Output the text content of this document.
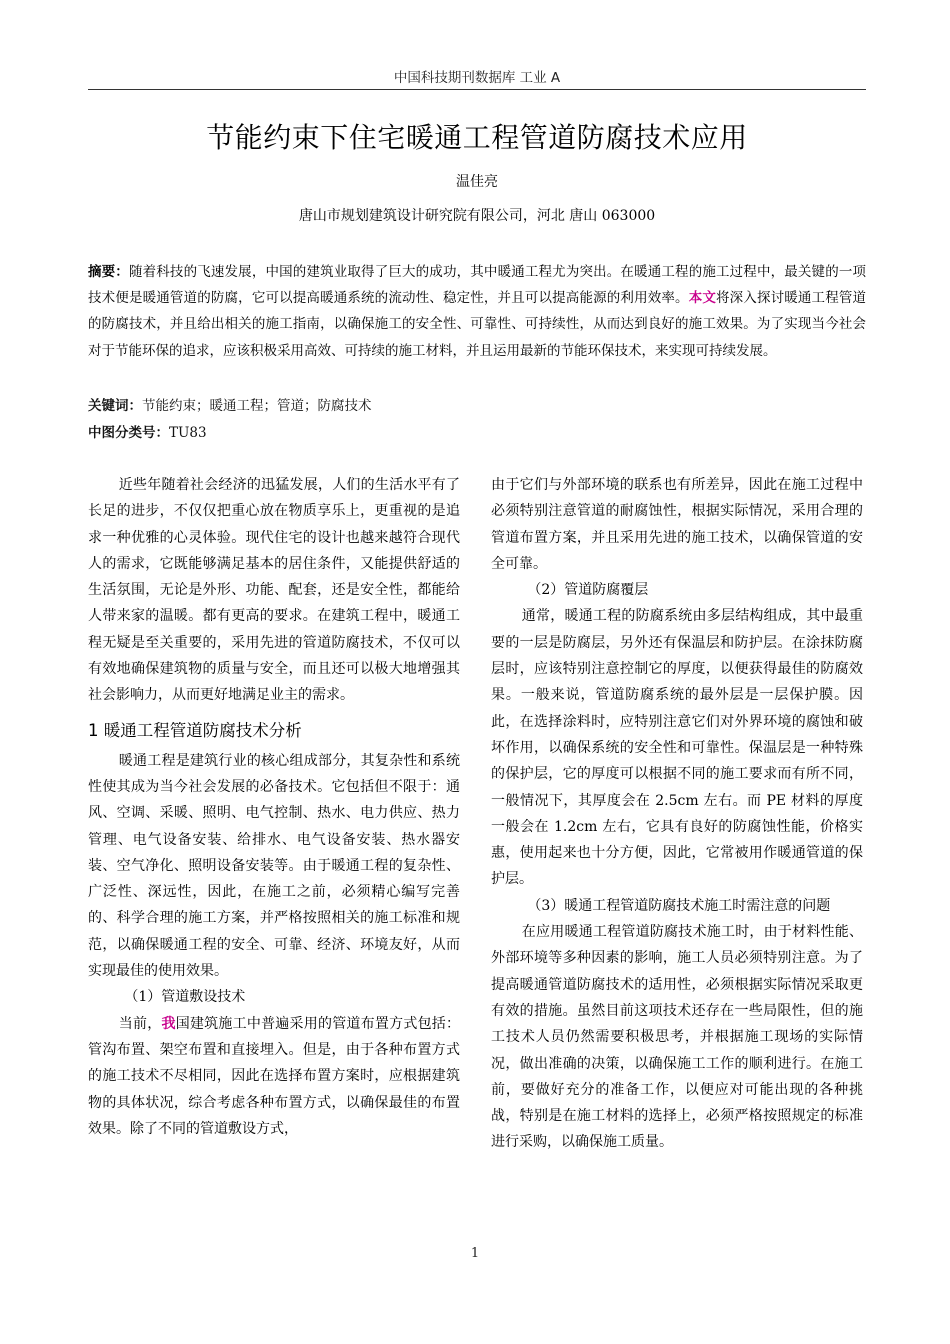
中国科技期刊数据库 工业 A
节能约束下住宅暖通工程管道防腐技术应用
温佳亮
唐山市规划建筑设计研究院有限公司，河北 唐山 063000

摘要：随着科技的飞速发展，中国的建筑业取得了巨大的成功，其中暖通工程尤为突出。在暖通工程的施工过程中，最关键的一项技术便是暖通管道的防腐，它可以提高暖通系统的流动性、稳定性，并且可以提高能源的利用效率。本文将深入探讨暖通工程管道的防腐技术，并且给出相关的施工指南，以确保施工的安全性、可靠性、可持续性，从而达到良好的施工效果。为了实现当今社会对于节能环保的追求，应该积极采用高效、可持续的施工材料，并且运用最新的节能环保技术，来实现可持续发展。

关键词：节能约束；暖通工程；管道；防腐技术

中图分类号：TU83

近些年随着社会经济的迅猛发展，人们的生活水平有了长足的进步，不仅仅把重心放在物质享乐上，更重视的是追求一种优雅的心灵体验。现代住宅的设计也越来越符合现代人的需求，它既能够满足基本的居住条件，又能提供舒适的生活氛围，无论是外形、功能、配套，还是安全性，都能给人带来家的温暖。都有更高的要求。在建筑工程中，暖通工程无疑是至关重要的，采用先进的管道防腐技术，不仅可以有效地确保建筑物的质量与安全，而且还可以极大地增强其社会影响力，从而更好地满足业主的需求。

1 暖通工程管道防腐技术分析

暖通工程是建筑行业的核心组成部分，其复杂性和系统性使其成为当今社会发展的必备技术。它包括但不限于：通风、空调、采暖、照明、电气控制、热水、电力供应、热力管理、电气设备安装、给排水、电气设备安装、热水器安装、空气净化、照明设备安装等。由于暖通工程的复杂性、广泛性、深远性，因此，在施工之前，必须精心编写完善的、科学合理的施工方案，并严格按照相关的施工标准和规范，以确保暖通工程的安全、可靠、经济、环境友好，从而实现最佳的使用效果。

（1）管道敷设技术

当前，我国建筑施工中普遍采用的管道布置方式包括：管沟布置、架空布置和直接埋入。但是，由于各种布置方式的施工技术不尽相同，因此在选择布置方案时，应根据建筑物的具体状况，综合考虑各种布置方式，以确保最佳的布置效果。除了不同的管道敷设方式，

由于它们与外部环境的联系也有所差异，因此在施工过程中必须特别注意管道的耐腐蚀性，根据实际情况，采用合理的管道布置方案，并且采用先进的施工技术，以确保管道的安全可靠。

（2）管道防腐覆层

通常，暖通工程的防腐系统由多层结构组成，其中最重要的一层是防腐层，另外还有保温层和防护层。在涂抹防腐层时，应该特别注意控制它的厚度，以便获得最佳的防腐效果。一般来说，管道防腐系统的最外层是一层保护膜。因此，在选择涂料时，应特别注意它们对外界环境的腐蚀和破坏作用，以确保系统的安全性和可靠性。保温层是一种特殊的保护层，它的厚度可以根据不同的施工要求而有所不同，一般情况下，其厚度会在 2.5cm 左右。而 PE 材料的厚度一般会在 1.2cm 左右，它具有良好的防腐蚀性能，价格实惠，使用起来也十分方便，因此，它常被用作暖通管道的保护层。

（3）暖通工程管道防腐技术施工时需注意的问题

在应用暖通工程管道防腐技术施工时，由于材料性能、外部环境等多种因素的影响，施工人员必须特别注意。为了提高暖通管道防腐技术的适用性，必须根据实际情况采取更有效的措施。虽然目前这项技术还存在一些局限性，但的施工技术人员仍然需要积极思考，并根据施工现场的实际情况，做出准确的决策，以确保施工工作的顺利进行。在施工前，要做好充分的准备工作，以便应对可能出现的各种挑战，特别是在施工材料的选择上，必须严格按照规定的标准进行采购，以确保施工质量。

1
